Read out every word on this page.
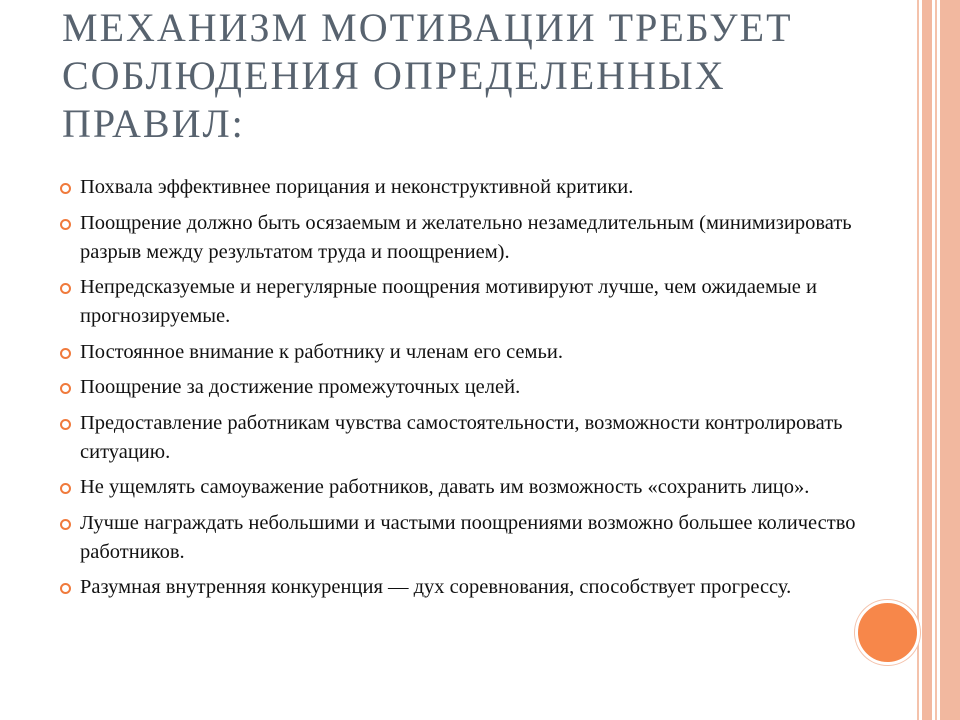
МЕХАНИЗМ МОТИВАЦИИ ТРЕБУЕТ СОБЛЮДЕНИЯ ОПРЕДЕЛЕННЫХ ПРАВИЛ:
Похвала эффективнее порицания и неконструктивной критики.
Поощрение должно быть осязаемым и желательно незамедлительным (минимизировать разрыв между результатом труда и поощрением).
Непредсказуемые и нерегулярные поощрения мотивируют лучше, чем ожидаемые и прогнозируемые.
Постоянное внимание к работнику и членам его семьи.
Поощрение за достижение промежуточных целей.
Предоставление работникам чувства самостоятельности, возможности контролировать ситуацию.
Не ущемлять самоуважение работников, давать им возможность «сохранить лицо».
Лучше награждать небольшими и частыми поощрениями возможно большее количество работников.
Разумная внутренняя конкуренция — дух соревнования, способствует прогрессу.
